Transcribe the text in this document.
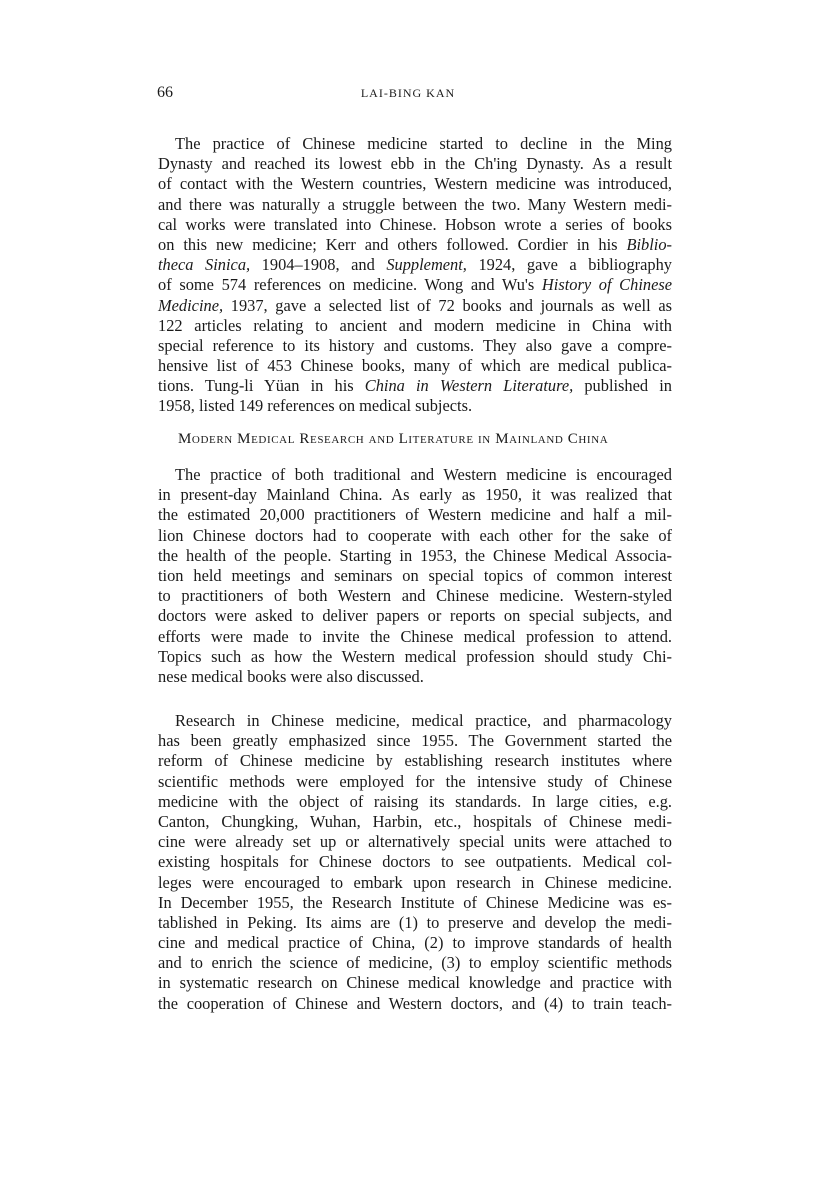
66	LAI-BING KAN
The practice of Chinese medicine started to decline in the Ming
Dynasty and reached its lowest ebb in the Ch'ing Dynasty. As a result
of contact with the Western countries, Western medicine was introduced,
and there was naturally a struggle between the two. Many Western medi-
cal works were translated into Chinese. Hobson wrote a series of books
on this new medicine; Kerr and others followed. Cordier in his Biblio-
theca Sinica, 1904–1908, and Supplement, 1924, gave a bibliography
of some 574 references on medicine. Wong and Wu's History of Chinese
Medicine, 1937, gave a selected list of 72 books and journals as well as
122 articles relating to ancient and modern medicine in China with
special reference to its history and customs. They also gave a compre-
hensive list of 453 Chinese books, many of which are medical publica-
tions. Tung-li Yüan in his China in Western Literature, published in
1958, listed 149 references on medical subjects.
Modern Medical Research and Literature in Mainland China
The practice of both traditional and Western medicine is encouraged
in present-day Mainland China. As early as 1950, it was realized that
the estimated 20,000 practitioners of Western medicine and half a mil-
lion Chinese doctors had to cooperate with each other for the sake of
the health of the people. Starting in 1953, the Chinese Medical Associa-
tion held meetings and seminars on special topics of common interest
to practitioners of both Western and Chinese medicine. Western-styled
doctors were asked to deliver papers or reports on special subjects, and
efforts were made to invite the Chinese medical profession to attend.
Topics such as how the Western medical profession should study Chi-
nese medical books were also discussed.
Research in Chinese medicine, medical practice, and pharmacology
has been greatly emphasized since 1955. The Government started the
reform of Chinese medicine by establishing research institutes where
scientific methods were employed for the intensive study of Chinese
medicine with the object of raising its standards. In large cities, e.g.
Canton, Chungking, Wuhan, Harbin, etc., hospitals of Chinese medi-
cine were already set up or alternatively special units were attached to
existing hospitals for Chinese doctors to see outpatients. Medical col-
leges were encouraged to embark upon research in Chinese medicine.
In December 1955, the Research Institute of Chinese Medicine was es-
tablished in Peking. Its aims are (1) to preserve and develop the medi-
cine and medical practice of China, (2) to improve standards of health
and to enrich the science of medicine, (3) to employ scientific methods
in systematic research on Chinese medical knowledge and practice with
the cooperation of Chinese and Western doctors, and (4) to train teach-
